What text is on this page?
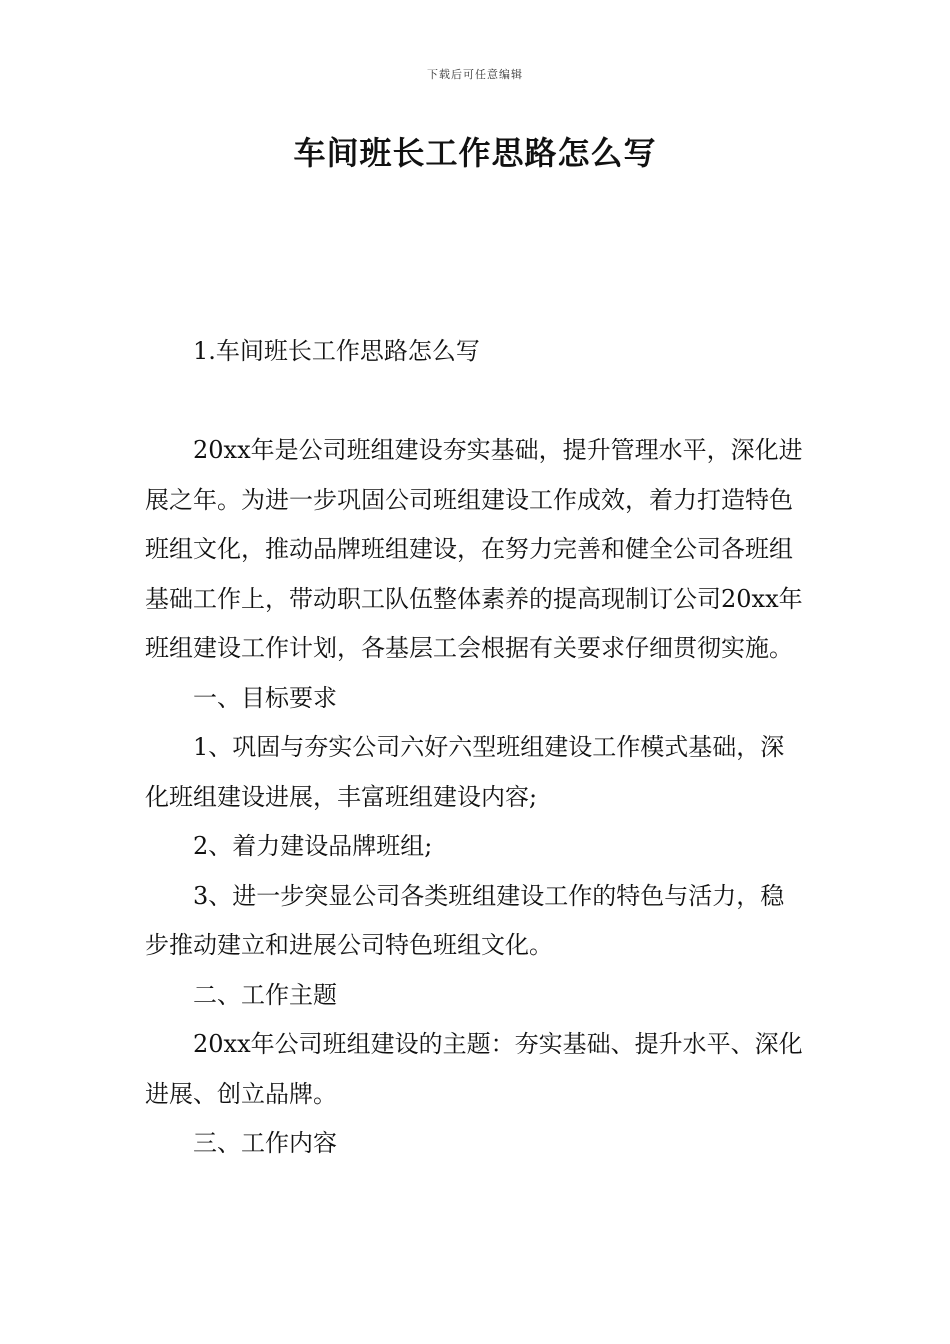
下载后可任意编辑
车间班长工作思路怎么写

1.车间班长工作思路怎么写

20xx年是公司班组建设夯实基础，提升管理水平，深化进展之年。为进一步巩固公司班组建设工作成效，着力打造特色班组文化，推动品牌班组建设，在努力完善和健全公司各班组基础工作上，带动职工队伍整体素养的提高现制订公司20xx年班组建设工作计划，各基层工会根据有关要求仔细贯彻实施。

一、目标要求

1、巩固与夯实公司六好六型班组建设工作模式基础，深化班组建设进展，丰富班组建设内容;

2、着力建设品牌班组;

3、进一步突显公司各类班组建设工作的特色与活力，稳步推动建立和进展公司特色班组文化。

二、工作主题

20xx年公司班组建设的主题：夯实基础、提升水平、深化进展、创立品牌。

三、工作内容
